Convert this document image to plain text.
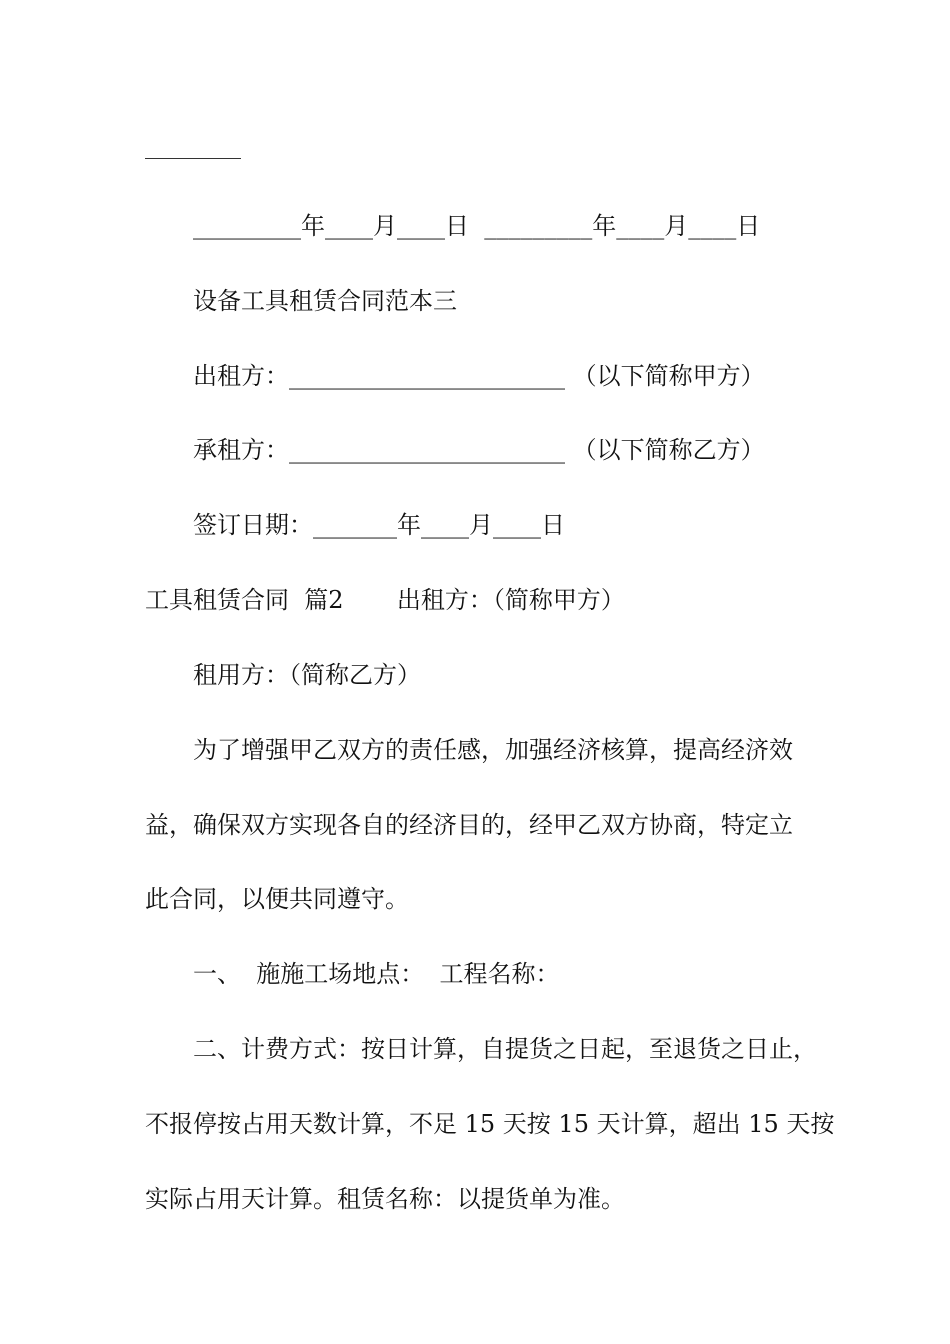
_________年____月____日  _________年____月____日

设备工具租赁合同范本三

出租方：_______________________ （以下简称甲方）

承租方：_______________________ （以下简称乙方）

签订日期：_______年____月____日

工具租赁合同  篇2       出租方：（简称甲方）

租用方：（简称乙方）

为了增强甲乙双方的责任感，加强经济核算，提高经济效

益，确保双方实现各自的经济目的，经甲乙双方协商，特定立

此合同，以便共同遵守。

一、  施施工场地点：  工程名称：

二、计费方式：按日计算，自提货之日起，至退货之日止，

不报停按占用天数计算，不足 15 天按 15 天计算，超出 15 天按

实际占用天计算。租赁名称：以提货单为准。
